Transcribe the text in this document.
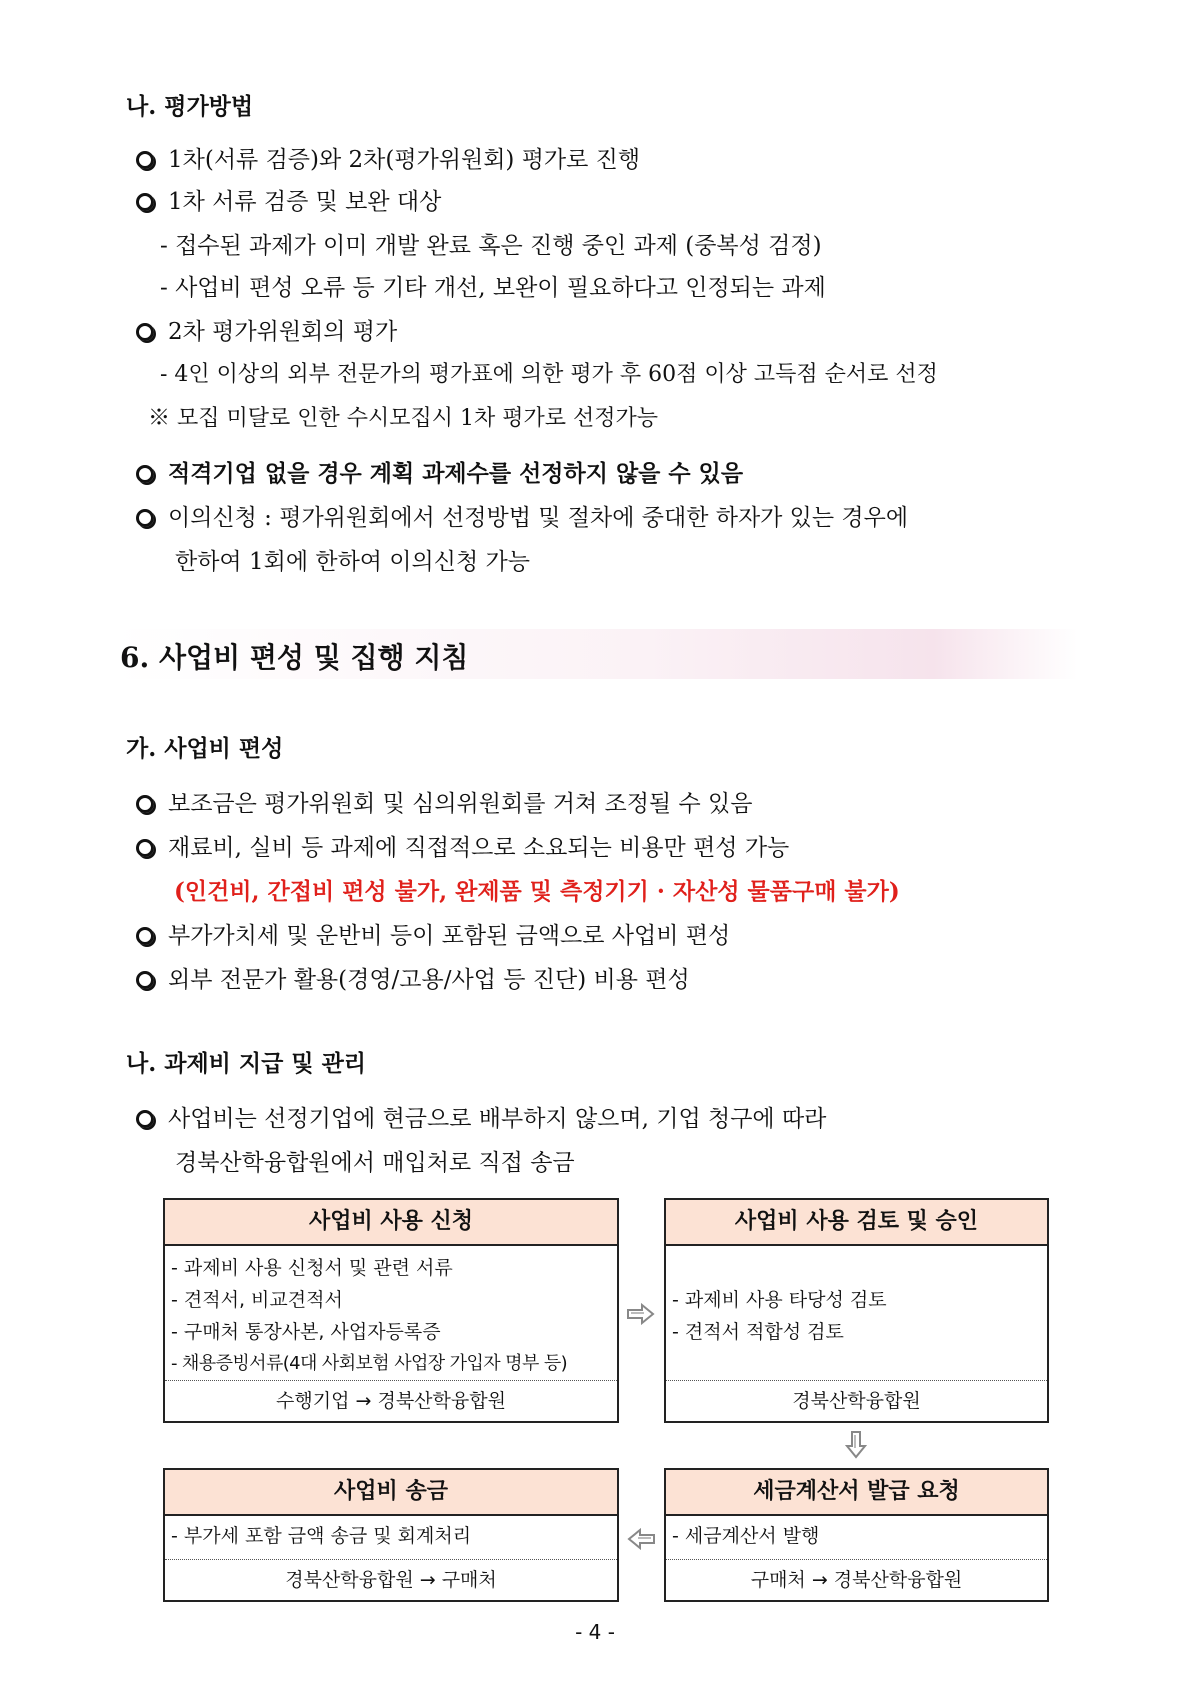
나. 평가방법
1차(서류 검증)와 2차(평가위원회) 평가로 진행
1차 서류 검증 및 보완 대상
- 접수된 과제가 이미 개발 완료 혹은 진행 중인 과제 (중복성 검정)
- 사업비 편성 오류 등 기타 개선, 보완이 필요하다고 인정되는 과제
2차 평가위원회의 평가
- 4인 이상의 외부 전문가의 평가표에 의한 평가 후 60점 이상 고득점 순서로 선정
※ 모집 미달로 인한 수시모집시 1차 평가로 선정가능
적격기업 없을 경우 계획 과제수를 선정하지 않을 수 있음
이의신청 : 평가위원회에서 선정방법 및 절차에 중대한 하자가 있는 경우에
한하여 1회에 한하여 이의신청 가능
6. 사업비 편성 및 집행 지침
가. 사업비 편성
보조금은 평가위원회 및 심의위원회를 거쳐 조정될 수 있음
재료비, 실비 등 과제에 직접적으로 소요되는 비용만 편성 가능
(인건비, 간접비 편성 불가, 완제품 및 측정기기 · 자산성 물품구매 불가)
부가가치세 및 운반비 등이 포함된 금액으로 사업비 편성
외부 전문가 활용(경영/고용/사업 등 진단) 비용 편성
나. 과제비 지급 및 관리
사업비는 선정기업에 현금으로 배부하지 않으며, 기업 청구에 따라
경북산학융합원에서 매입처로 직접 송금
사업비 사용 신청
- 과제비 사용 신청서 및 관련 서류
- 견적서, 비교견적서
- 구매처 통장사본, 사업자등록증
- 채용증빙서류(4대 사회보험 사업장 가입자 명부 등)
수행기업 → 경북산학융합원
사업비 사용 검토 및 승인
- 과제비 사용 타당성 검토
- 견적서 적합성 검토
경북산학융합원
사업비 송금
- 부가세 포함 금액 송금 및 회계처리
경북산학융합원 → 구매처
세금계산서 발급 요청
- 세금계산서 발행
구매처 → 경북산학융합원
- 4 -
